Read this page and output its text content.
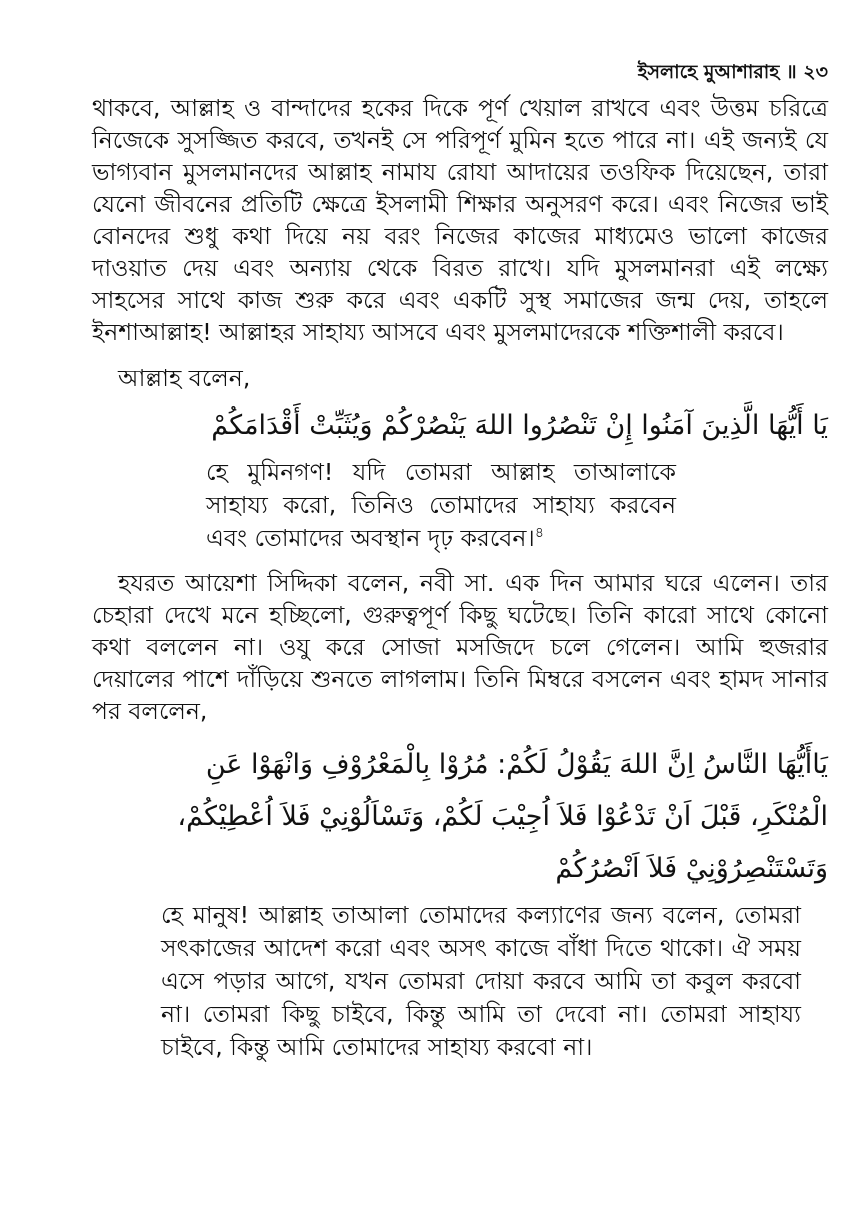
ইসলাহে মুআশারাহ ॥ ২৩

থাকবে, আল্লাহ ও বান্দাদের হকের দিকে পূর্ণ খেয়াল রাখবে এবং উত্তম চরিত্রে নিজেকে সুসজ্জিত করবে, তখনই সে পরিপূর্ণ মুমিন হতে পারে না। এই জন্যই যে ভাগ্যবান মুসলমানদের আল্লাহ নামায রোযা আদায়ের তওফিক দিয়েছেন, তারা যেনো জীবনের প্রতিটি ক্ষেত্রে ইসলামী শিক্ষার অনুসরণ করে। এবং নিজের ভাই বোনদের শুধু কথা দিয়ে নয় বরং নিজের কাজের মাধ্যমেও ভালো কাজের দাওয়াত দেয় এবং অন্যায় থেকে বিরত রাখে। যদি মুসলমানরা এই লক্ষ্যে সাহসের সাথে কাজ শুরু করে এবং একটি সুস্থ সমাজের জন্ম দেয়, তাহলে ইনশাআল্লাহ! আল্লাহর সাহায্য আসবে এবং মুসলমাদেরকে শক্তিশালী করবে।

আল্লাহ বলেন,

يَا أَيُّهَا الَّذِينَ آمَنُوا إِنْ تَنْصُرُوا اللهَ يَنْصُرْكُمْ وَيُثَبِّتْ أَقْدَامَكُمْ

হে মুমিনগণ! যদি তোমরা আল্লাহ তাআলাকে সাহায্য করো, তিনিও তোমাদের সাহায্য করবেন এবং তোমাদের অবস্থান দৃঢ় করবেন।$^৪$

হযরত আয়েশা সিদ্দিকা বলেন, নবী সা. এক দিন আমার ঘরে এলেন। তার চেহারা দেখে মনে হচ্ছিলো, গুরুত্বপূর্ণ কিছু ঘটেছে। তিনি কারো সাথে কোনো কথা বললেন না। ওযু করে সোজা মসজিদে চলে গেলেন। আমি হুজরার দেয়ালের পাশে দাঁড়িয়ে শুনতে লাগলাম। তিনি মিম্বরে বসলেন এবং হামদ সানার পর বললেন,

يَاأَيُّهَا النَّاسُ اِنَّ اللهَ يَقُوْلُ لَكُمْ: مُرُوْا بِالْمَعْرُوْفِ وَانْهَوْا عَنِ الْمُنْكَرِ، قَبْلَ اَنْ تَدْعُوْا فَلاَ اُجِيْبَ لَكُمْ، وَتَسْاَلُوْنِيْ فَلاَ اُعْطِيْكُمْ، وَتَسْتَنْصِرُوْنِيْ فَلاَ اَنْصُرُكُمْ

হে মানুষ! আল্লাহ তাআলা তোমাদের কল্যাণের জন্য বলেন, তোমরা সৎকাজের আদেশ করো এবং অসৎ কাজে বাঁধা দিতে থাকো। ঐ সময় এসে পড়ার আগে, যখন তোমরা দোয়া করবে আমি তা কবুল করবো না। তোমরা কিছু চাইবে, কিন্তু আমি তা দেবো না। তোমরা সাহায্য চাইবে, কিন্তু আমি তোমাদের সাহায্য করবো না।
